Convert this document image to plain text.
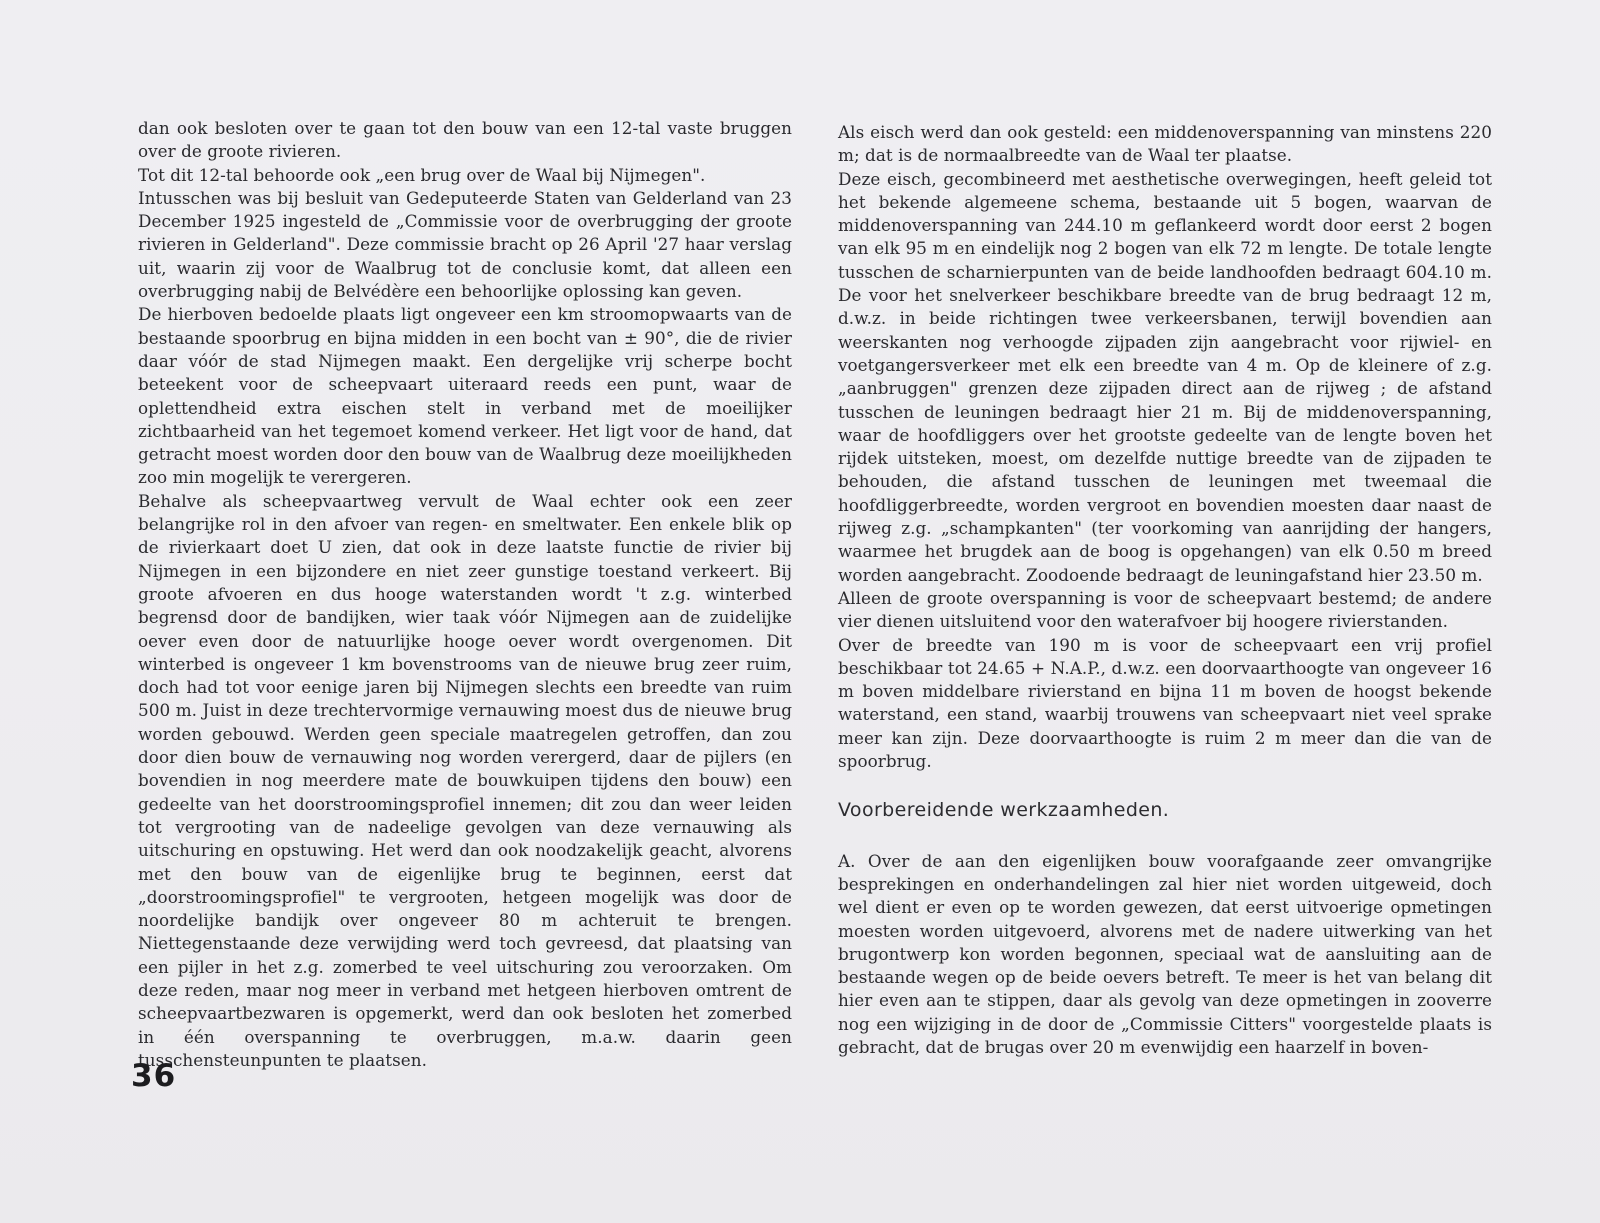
dan ook besloten over te gaan tot den bouw van een 12-tal vaste bruggen over de groote rivieren.

Tot dit 12-tal behoorde ook „een brug over de Waal bij Nijmegen".

Intusschen was bij besluit van Gedeputeerde Staten van Gelderland van 23 December 1925 ingesteld de „Commissie voor de overbrugging der groote rivieren in Gelderland". Deze commissie bracht op 26 April '27 haar verslag uit, waarin zij voor de Waalbrug tot de conclusie komt, dat alleen een overbrugging nabij de Belvédère een behoorlijke oplossing kan geven.

De hierboven bedoelde plaats ligt ongeveer een km stroomopwaarts van de bestaande spoorbrug en bijna midden in een bocht van ± 90°, die de rivier daar vóór de stad Nijmegen maakt. Een dergelijke vrij scherpe bocht beteekent voor de scheepvaart uiteraard reeds een punt, waar de oplettendheid extra eischen stelt in verband met de moeilijker zichtbaarheid van het tegemoet komend verkeer. Het ligt voor de hand, dat getracht moest worden door den bouw van de Waalbrug deze moeilijkheden zoo min mogelijk te verergeren.

Behalve als scheepvaartweg vervult de Waal echter ook een zeer belangrijke rol in den afvoer van regen- en smeltwater. Een enkele blik op de rivierkaart doet U zien, dat ook in deze laatste functie de rivier bij Nijmegen in een bijzondere en niet zeer gunstige toestand verkeert. Bij groote afvoeren en dus hooge waterstanden wordt 't z.g. winterbed begrensd door de bandijken, wier taak vóór Nijmegen aan de zuidelijke oever even door de natuurlijke hooge oever wordt overgenomen. Dit winterbed is ongeveer 1 km bovenstrooms van de nieuwe brug zeer ruim, doch had tot voor eenige jaren bij Nijmegen slechts een breedte van ruim 500 m. Juist in deze trechtervormige vernauwing moest dus de nieuwe brug worden gebouwd. Werden geen speciale maatregelen getroffen, dan zou door dien bouw de vernauwing nog worden verergerd, daar de pijlers (en bovendien in nog meerdere mate de bouwkuipen tijdens den bouw) een gedeelte van het doorstroomingsprofiel innemen; dit zou dan weer leiden tot vergrooting van de nadeelige gevolgen van deze vernauwing als uitschuring en opstuwing. Het werd dan ook noodzakelijk geacht, alvorens met den bouw van de eigenlijke brug te beginnen, eerst dat „doorstroomingsprofiel" te vergrooten, hetgeen mogelijk was door de noordelijke bandijk over ongeveer 80 m achteruit te brengen. Niettegenstaande deze verwijding werd toch gevreesd, dat plaatsing van een pijler in het z.g. zomerbed te veel uitschuring zou veroorzaken. Om deze reden, maar nog meer in verband met hetgeen hierboven omtrent de scheepvaartbezwaren is opgemerkt, werd dan ook besloten het zomerbed in één overspanning te overbruggen, m.a.w. daarin geen tusschensteunpunten te plaatsen.

Als eisch werd dan ook gesteld: een middenoverspanning van minstens 220 m; dat is de normaalbreedte van de Waal ter plaatse.

Deze eisch, gecombineerd met aesthetische overwegingen, heeft geleid tot het bekende algemeene schema, bestaande uit 5 bogen, waarvan de middenoverspanning van 244.10 m geflankeerd wordt door eerst 2 bogen van elk 95 m en eindelijk nog 2 bogen van elk 72 m lengte. De totale lengte tusschen de scharnierpunten van de beide landhoofden bedraagt 604.10 m. De voor het snelverkeer beschikbare breedte van de brug bedraagt 12 m, d.w.z. in beide richtingen twee verkeersbanen, terwijl bovendien aan weerskanten nog verhoogde zijpaden zijn aangebracht voor rijwiel- en voetgangersverkeer met elk een breedte van 4 m. Op de kleinere of z.g. „aanbruggen" grenzen deze zijpaden direct aan de rijweg ; de afstand tusschen de leuningen bedraagt hier 21 m. Bij de middenoverspanning, waar de hoofdliggers over het grootste gedeelte van de lengte boven het rijdek uitsteken, moest, om dezelfde nuttige breedte van de zijpaden te behouden, die afstand tusschen de leuningen met tweemaal die hoofdliggerbreedte, worden vergroot en bovendien moesten daar naast de rijweg z.g. „schampkanten" (ter voorkoming van aanrijding der hangers, waarmee het brugdek aan de boog is opgehangen) van elk 0.50 m breed worden aangebracht. Zoodoende bedraagt de leuningafstand hier 23.50 m.

Alleen de groote overspanning is voor de scheepvaart bestemd; de andere vier dienen uitsluitend voor den waterafvoer bij hoogere rivierstanden.

Over de breedte van 190 m is voor de scheepvaart een vrij profiel beschikbaar tot 24.65 + N.A.P., d.w.z. een doorvaarthoogte van ongeveer 16 m boven middelbare rivierstand en bijna 11 m boven de hoogst bekende waterstand, een stand, waarbij trouwens van scheepvaart niet veel sprake meer kan zijn. Deze doorvaarthoogte is ruim 2 m meer dan die van de spoorbrug.

Voorbereidende werkzaamheden.

A. Over de aan den eigenlijken bouw voorafgaande zeer omvangrijke besprekingen en onderhandelingen zal hier niet worden uitgeweid, doch wel dient er even op te worden gewezen, dat eerst uitvoerige opmetingen moesten worden uitgevoerd, alvorens met de nadere uitwerking van het brugontwerp kon worden begonnen, speciaal wat de aansluiting aan de bestaande wegen op de beide oevers betreft. Te meer is het van belang dit hier even aan te stippen, daar als gevolg van deze opmetingen in zooverre nog een wijziging in de door de „Commissie Citters" voorgestelde plaats is gebracht, dat de brugas over 20 m evenwijdig een haarzelf in boven-

36
